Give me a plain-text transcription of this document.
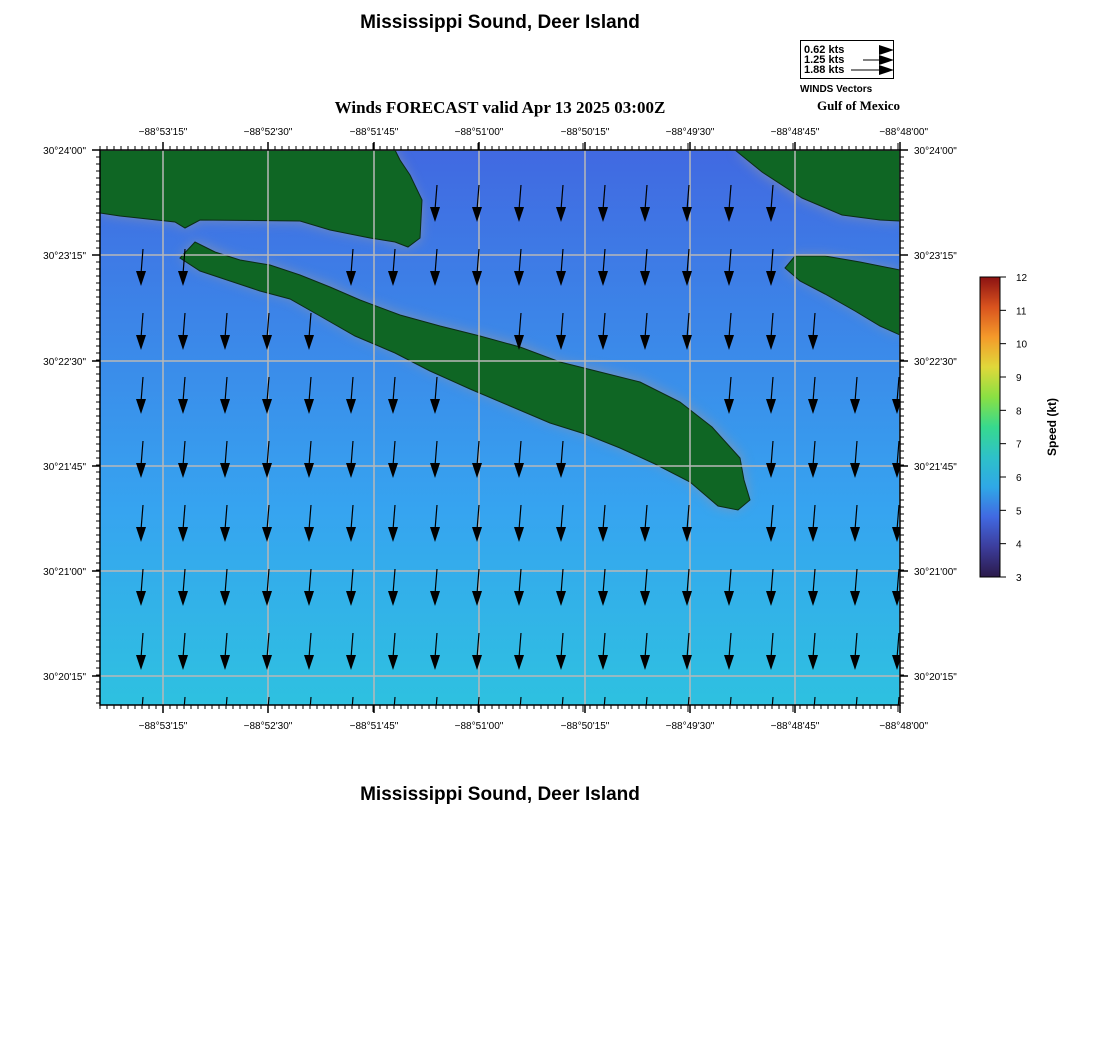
Mississippi Sound, Deer Island
0.62 kts
1.25 kts
1.88 kts
WINDS Vectors
Winds FORECAST valid Apr 13 2025 03:00Z	Gulf of Mexico
−88°53'15"	−88°52'30"	−88°51'45"	−88°51'00"	−88°50'15"	−88°49'30"	−88°48'45"	−88°48'00"
−88°53'15"	−88°52'30"	−88°51'45"	−88°51'00"	−88°50'15"	−88°49'30"	−88°48'45"	−88°48'00"
30°24'00"
30°23'15"
30°22'30"
30°21'45"
30°21'00"
30°20'15"
30°24'00"
30°23'15"
30°22'30"
30°21'45"
30°21'00"
30°20'15"
12
11
10
9
8
7
6
5
4
3
Speed (kt)
Mississippi Sound, Deer Island
